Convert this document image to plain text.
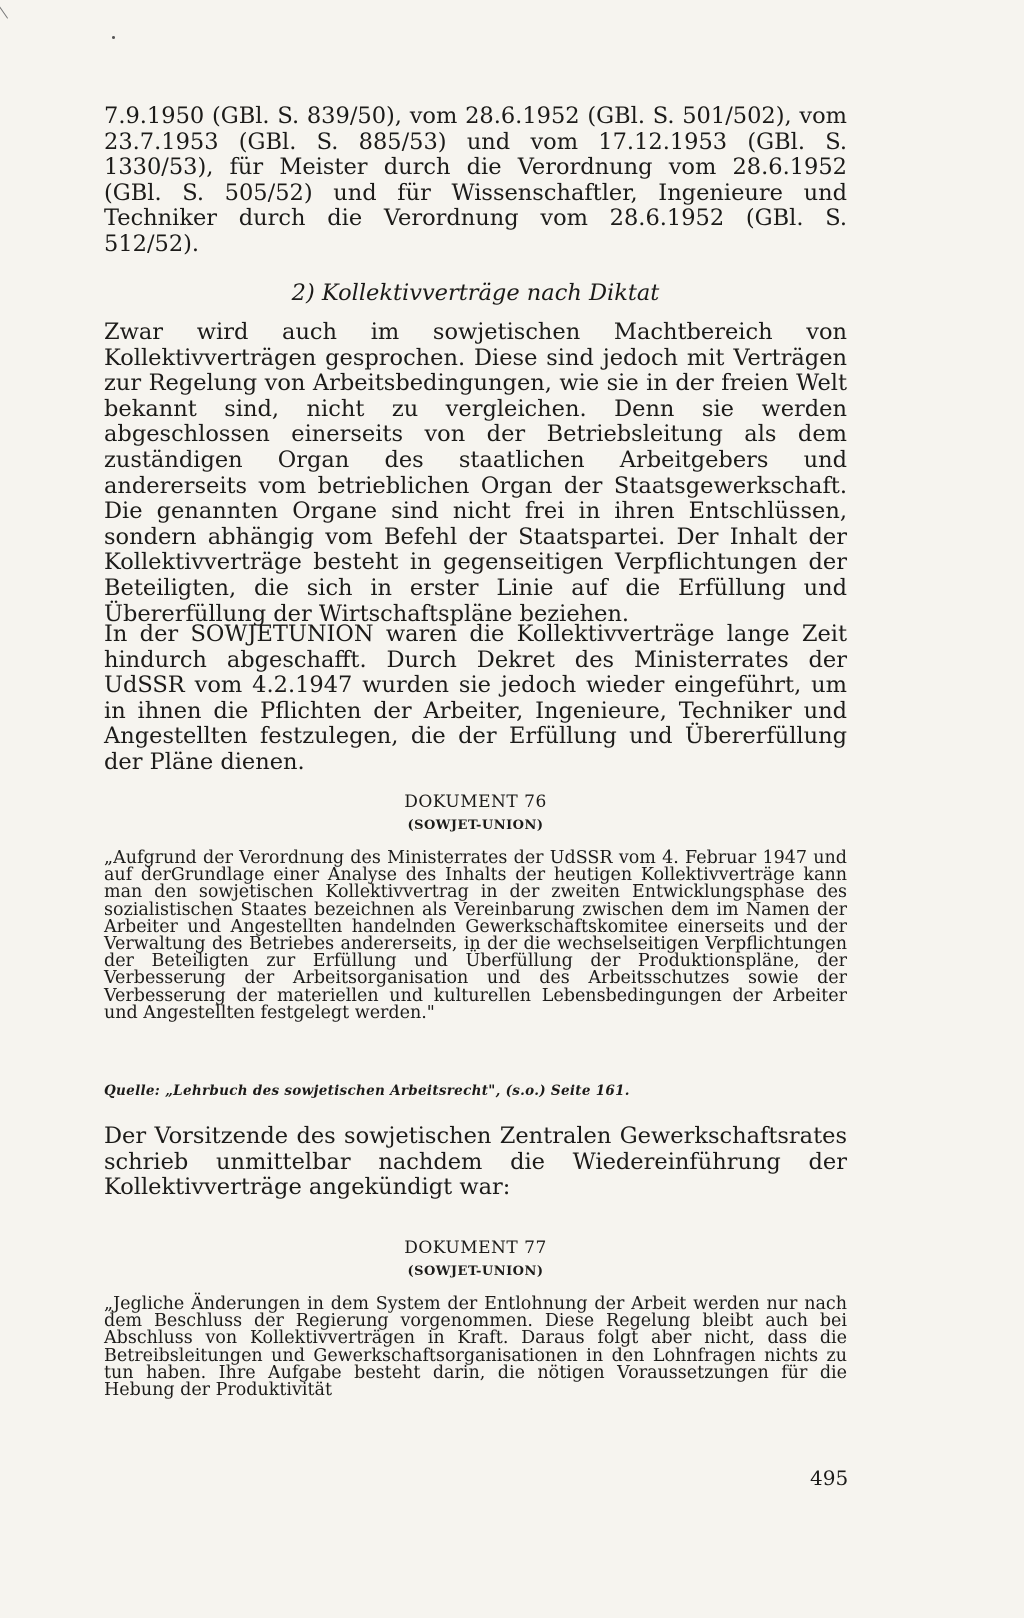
7.9.1950 (GBl. S. 839/50), vom 28.6.1952 (GBl. S. 501/502), vom 23.7.1953 (GBl. S. 885/53) und vom 17.12.1953 (GBl. S. 1330/53), für Meister durch die Verordnung vom 28.6.1952 (GBl. S. 505/52) und für Wissenschaftler, Ingenieure und Techniker durch die Verordnung vom 28.6.1952 (GBl. S. 512/52).

2) Kollektivverträge nach Diktat

Zwar wird auch im sowjetischen Machtbereich von Kollektivverträgen gesprochen. Diese sind jedoch mit Verträgen zur Regelung von Arbeitsbedingungen, wie sie in der freien Welt bekannt sind, nicht zu vergleichen. Denn sie werden abgeschlossen einerseits von der Betriebsleitung als dem zuständigen Organ des staatlichen Arbeitgebers und andererseits vom betrieblichen Organ der Staatsgewerkschaft. Die genannten Organe sind nicht frei in ihren Entschlüssen, sondern abhängig vom Befehl der Staatspartei. Der Inhalt der Kollektivverträge besteht in gegenseitigen Verpflichtungen der Beteiligten, die sich in erster Linie auf die Erfüllung und Übererfüllung der Wirtschaftspläne beziehen.

In der SOWJETUNION waren die Kollektivverträge lange Zeit hindurch abgeschafft. Durch Dekret des Ministerrates der UdSSR vom 4.2.1947 wurden sie jedoch wieder eingeführt, um in ihnen die Pflichten der Arbeiter, Ingenieure, Techniker und Angestellten festzulegen, die der Erfüllung und Übererfüllung der Pläne dienen.

DOKUMENT 76
(SOWJET-UNION)

„Aufgrund der Verordnung des Ministerrates der UdSSR vom 4. Februar 1947 und auf derGrundlage einer Analyse des Inhalts der heutigen Kollektivverträge kann man den sowjetischen Kollektivvertrag in der zweiten Entwicklungsphase des sozialistischen Staates bezeichnen als Vereinbarung zwischen dem im Namen der Arbeiter und Angestellten handelnden Gewerkschaftskomitee einerseits und der Verwaltung des Betriebes andererseits, in der die wechselseitigen Verpflichtungen der Beteiligten zur Erfüllung und Überfüllung der Produktionspläne, der Verbesserung der Arbeitsorganisation und des Arbeitsschutzes sowie der Verbesserung der materiellen und kulturellen Lebensbedingungen der Arbeiter und Angestellten festgelegt werden."

Quelle: „Lehrbuch des sowjetischen Arbeitsrecht", (s.o.) Seite 161.

Der Vorsitzende des sowjetischen Zentralen Gewerkschaftsrates schrieb unmittelbar nachdem die Wiedereinführung der Kollektivverträge angekündigt war:

DOKUMENT 77
(SOWJET-UNION)

„Jegliche Änderungen in dem System der Entlohnung der Arbeit werden nur nach dem Beschluss der Regierung vorgenommen. Diese Regelung bleibt auch bei Abschluss von Kollektivverträgen in Kraft. Daraus folgt aber nicht, dass die Betreibsleitungen und Gewerkschaftsorganisationen in den Lohnfragen nichts zu tun haben. Ihre Aufgabe besteht darin, die nötigen Voraussetzungen für die Hebung der Produktivität

495
